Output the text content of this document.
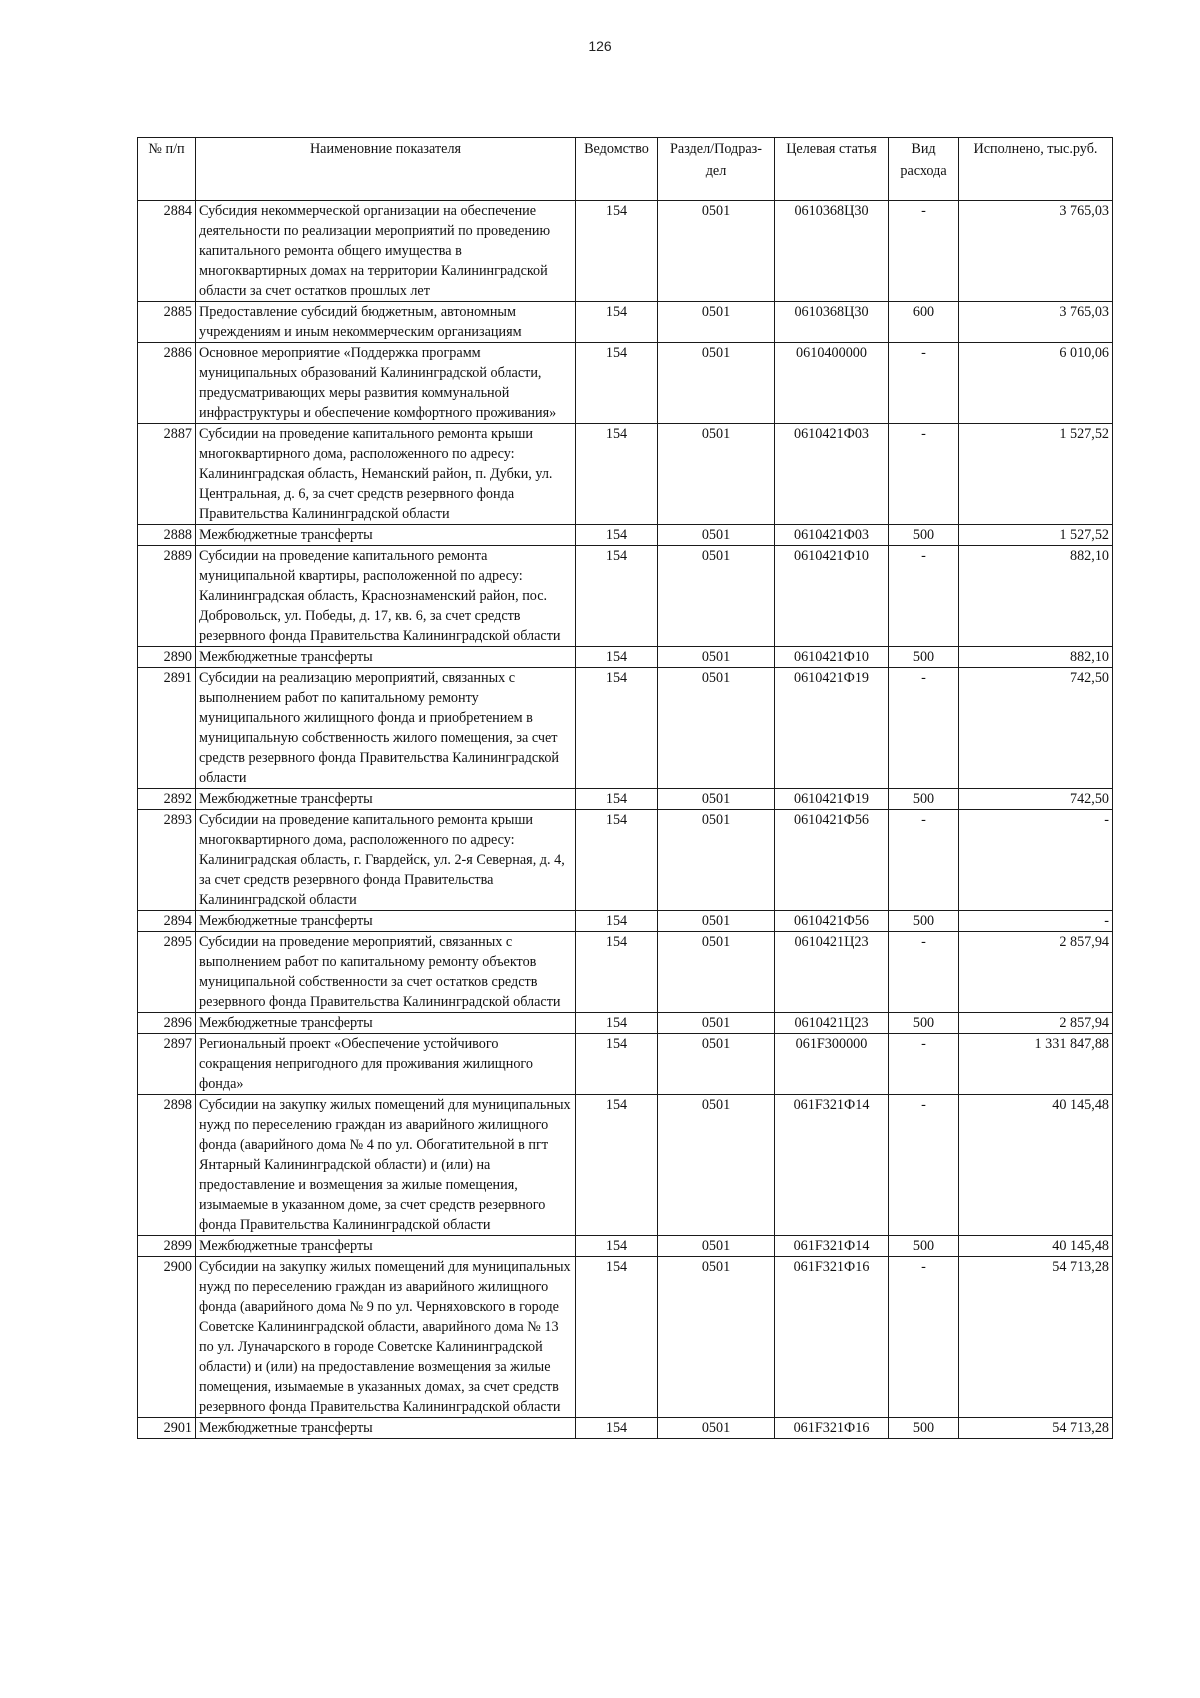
126
№ п/п	Наименовние показателя	Ведомство	Раздел/Подраз-дел	Целевая статья	Вид расхода	Исполнено, тыс.руб.
2884	Субсидия некоммерческой организации на обеспечение деятельности по реализации мероприятий по проведению капитального ремонта общего имущества в многоквартирных домах на территории Калининградской области за счет остатков прошлых лет	154	0501	0610368Ц30	-	3 765,03
2885	Предоставление субсидий бюджетным, автономным учреждениям и иным некоммерческим организациям	154	0501	0610368Ц30	600	3 765,03
2886	Основное мероприятие «Поддержка программ муниципальных образований Калининградской области, предусматривающих меры развития коммунальной инфраструктуры и обеспечение комфортного проживания»	154	0501	0610400000	-	6 010,06
2887	Субсидии на проведение капитального ремонта крыши многоквартирного дома, расположенного по адресу: Калининградская область, Неманский район, п. Дубки, ул. Центральная, д. 6, за счет средств резервного фонда Правительства Калининградской области	154	0501	0610421Ф03	-	1 527,52
2888	Межбюджетные трансферты	154	0501	0610421Ф03	500	1 527,52
2889	Субсидии на проведение капитального ремонта муниципальной квартиры, расположенной по адресу: Калининградская область, Краснознаменский район, пос. Добровольск, ул. Победы, д. 17, кв. 6, за счет средств резервного фонда Правительства Калининградской области	154	0501	0610421Ф10	-	882,10
2890	Межбюджетные трансферты	154	0501	0610421Ф10	500	882,10
2891	Субсидии на реализацию мероприятий, связанных с выполнением работ по капитальному ремонту муниципального жилищного фонда и приобретением в муниципальную собственность жилого помещения, за счет средств резервного фонда Правительства Калининградской области	154	0501	0610421Ф19	-	742,50
2892	Межбюджетные трансферты	154	0501	0610421Ф19	500	742,50
2893	Субсидии на проведение капитального ремонта крыши многоквартирного дома, расположенного по адресу: Калиниградская область, г. Гвардейск, ул. 2-я Северная, д. 4, за счет средств резервного фонда Правительства Калининградской области	154	0501	0610421Ф56	-	-
2894	Межбюджетные трансферты	154	0501	0610421Ф56	500	-
2895	Субсидии на проведение мероприятий, связанных с выполнением работ по капитальному ремонту объектов муниципальной собственности за счет остатков средств резервного фонда Правительства Калининградской области	154	0501	0610421Ц23	-	2 857,94
2896	Межбюджетные трансферты	154	0501	0610421Ц23	500	2 857,94
2897	Региональный проект «Обеспечение устойчивого сокращения непригодного для проживания жилищного фонда»	154	0501	061F300000	-	1 331 847,88
2898	Субсидии на закупку жилых помещений для муниципальных нужд по переселению граждан из аварийного жилищного фонда (аварийного дома № 4 по ул. Обогатительной в пгт Янтарный Калининградской области) и (или) на предоставление и возмещения за жилые помещения, изымаемые в указанном доме, за счет средств резервного фонда Правительства Калининградской области	154	0501	061F321Ф14	-	40 145,48
2899	Межбюджетные трансферты	154	0501	061F321Ф14	500	40 145,48
2900	Субсидии на закупку жилых помещений для муниципальных нужд по переселению граждан из аварийного жилищного фонда (аварийного дома № 9 по ул. Черняховского в городе Советске Калининградской области, аварийного дома № 13 по ул. Луначарского в городе Советске Калининградской области) и (или) на предоставление возмещения за жилые помещения, изымаемые в указанных домах, за счет средств резервного фонда Правительства Калининградской области	154	0501	061F321Ф16	-	54 713,28
2901	Межбюджетные трансферты	154	0501	061F321Ф16	500	54 713,28
